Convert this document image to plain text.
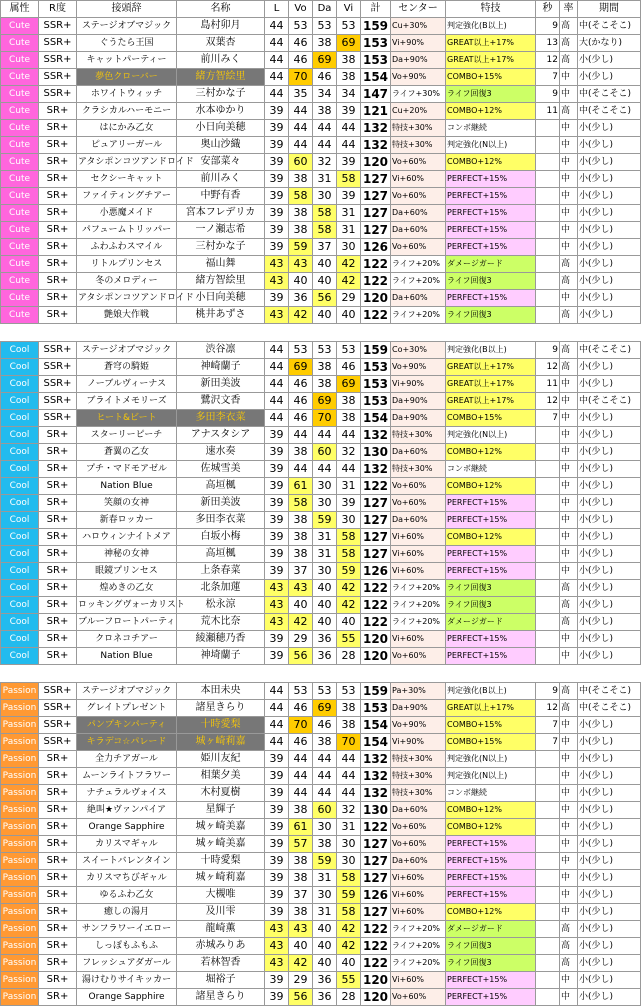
属性	R度	接頭辞	名称	L	Vo	Da	Vi	計	センター	特技	秒	率	期間
Cute	SSR+	ステージオブマジック	島村卯月	44	53	53	53	159	Cu+30%	判定強化(B以上)	9	高	中(そこそこ)
Cute	SSR+	ぐうたら王国	双葉杏	44	46	38	69	153	Vi+90%	GREAT以上+17%	13	高	大(かなり)
Cute	SSR+	キャットパーティー	前川みく	44	46	69	38	153	Da+90%	GREAT以上+17%	12	高	小(少し)
Cute	SSR+	夢色クローバー	緒方智絵里	44	70	46	38	154	Vo+90%	COMBO+15%	7	中	小(少し)
Cute	SSR+	ホワイトウィッチ	三村かな子	44	35	34	34	147	ライフ+30%	ライフ回復3	9	中	中(そこそこ)
Cute	SR+	クラシカルハーモニー	水本ゆかり	39	44	38	39	121	Cu+20%	COMBO+12%	11	高	中(そこそこ)
Cute	SR+	はにかみ乙女	小日向美穂	39	44	44	44	132	特技+30%	コンボ継続		中	小(少し)
Cute	SR+	ピュアリーガール	奥山沙織	39	44	44	44	132	特技+30%	判定強化(N以上)		中	小(少し)
Cute	SR+	アタシポンコツアンドロイド	安部菜々	39	60	32	39	120	Vo+60%	COMBO+12%		中	小(少し)
Cute	SR+	セクシーキャット	前川みく	39	38	31	58	127	Vi+60%	PERFECT+15%		中	小(少し)
Cute	SR+	ファイティングチアー	中野有香	39	58	30	39	127	Vo+60%	PERFECT+15%		中	小(少し)
Cute	SR+	小悪魔メイド	宮本フレデリカ	39	38	58	31	127	Da+60%	PERFECT+15%		中	小(少し)
Cute	SR+	パフュームトリッパー	一ノ瀬志希	39	38	58	31	127	Da+60%	PERFECT+15%		中	小(少し)
Cute	SR+	ふわふわスマイル	三村かな子	39	59	37	30	126	Vo+60%	PERFECT+15%		中	小(少し)
Cute	SR+	リトルプリンセス	福山舞	43	43	40	42	122	ライフ+20%	ダメージガード		高	小(少し)
Cute	SR+	冬のメロディー	緒方智絵里	43	40	40	42	122	ライフ+20%	ライフ回復3		高	小(少し)
Cute	SR+	アタシポンコツアンドロイド	小日向美穂	39	36	56	29	120	Da+60%	PERFECT+15%		中	小(少し)
Cute	SR+	艶娘大作戦	桃井あずさ	43	42	40	40	122	ライフ+20%	ライフ回復3		高	小(少し)

Cool	SSR+	ステージオブマジック	渋谷凛	44	53	53	53	159	Co+30%	判定強化(B以上)	9	高	中(そこそこ)
Cool	SSR+	蒼穹の騎姫	神崎蘭子	44	69	38	46	153	Vo+90%	GREAT以上+17%	12	高	小(少し)
Cool	SSR+	ノーブルヴィーナス	新田美波	44	46	38	69	153	Vi+90%	GREAT以上+17%	11	中	小(少し)
Cool	SSR+	ブライトメモリーズ	鷺沢文香	44	46	69	38	153	Da+90%	GREAT以上+17%	12	中	中(そこそこ)
Cool	SSR+	ヒート&ビート	多田李衣菜	44	46	70	38	154	Da+90%	COMBO+15%	7	中	小(少し)
Cool	SR+	スターリーピーチ	アナスタシア	39	44	44	44	132	特技+30%	判定強化(N以上)		中	小(少し)
Cool	SR+	蒼翼の乙女	速水奏	39	38	60	32	130	Da+60%	COMBO+12%		中	小(少し)
Cool	SR+	プチ・マドモアゼル	佐城雪美	39	44	44	44	132	特技+30%	コンボ継続		中	小(少し)
Cool	SR+	Nation Blue	高垣楓	39	61	30	31	122	Vo+60%	COMBO+12%		中	小(少し)
Cool	SR+	笑顔の女神	新田美波	39	58	30	39	127	Vo+60%	PERFECT+15%		中	小(少し)
Cool	SR+	新春ロッカー	多田李衣菜	39	38	59	30	127	Da+60%	PERFECT+15%		中	小(少し)
Cool	SR+	ハロウィンナイトメア	白坂小梅	39	38	31	58	127	Vi+60%	COMBO+12%		中	小(少し)
Cool	SR+	神秘の女神	高垣楓	39	38	31	58	127	Vi+60%	PERFECT+15%		中	小(少し)
Cool	SR+	眼鏡プリンセス	上条春菜	39	37	30	59	126	Vi+60%	PERFECT+15%		中	小(少し)
Cool	SR+	煌めきの乙女	北条加蓮	43	43	40	42	122	ライフ+20%	ライフ回復3		高	小(少し)
Cool	SR+	ロッキングヴォーカリスト	松永涼	43	40	40	42	122	ライフ+20%	ライフ回復3		高	小(少し)
Cool	SR+	ブルーフロートパーティ	荒木比奈	43	42	40	40	122	ライフ+20%	ダメージガード		高	小(少し)
Cool	SR+	クロネコチアー	綾瀬穂乃香	39	29	36	55	120	Vi+60%	PERFECT+15%		中	小(少し)
Cool	SR+	Nation Blue	神埼蘭子	39	56	36	28	120	Vo+60%	PERFECT+15%		中	小(少し)

Passion	SSR+	ステージオブマジック	本田未央	44	53	53	53	159	Pa+30%	判定強化(B以上)	9	高	中(そこそこ)
Passion	SSR+	グレイトプレゼント	諸星きらり	44	46	69	38	153	Da+90%	GREAT以上+17%	12	高	中(そこそこ)
Passion	SSR+	パンプキンパーティ	十時愛梨	44	70	46	38	154	Vo+90%	COMBO+15%	7	中	小(少し)
Passion	SSR+	キラデコ☆パレード	城ヶ崎莉嘉	44	46	38	70	154	Vi+90%	COMBO+15%	7	中	小(少し)
Passion	SR+	全力チアガール	姫川友紀	39	44	44	44	132	特技+30%	判定強化(N以上)		中	小(少し)
Passion	SR+	ムーンライトフラワー	相葉夕美	39	44	44	44	132	特技+30%	判定強化(N以上)		中	小(少し)
Passion	SR+	ナチュラルヴォイス	木村夏樹	39	44	44	44	132	特技+30%	コンボ継続		中	小(少し)
Passion	SR+	絶叫★ヴァンパイア	星輝子	39	38	60	32	130	Da+60%	COMBO+12%		中	小(少し)
Passion	SR+	Orange Sapphire	城ヶ崎美嘉	39	61	30	31	122	Vo+60%	COMBO+12%		中	小(少し)
Passion	SR+	カリスマギャル	城ヶ崎美嘉	39	57	38	30	127	Vo+60%	PERFECT+15%		中	小(少し)
Passion	SR+	スイートバレンタイン	十時愛梨	39	38	59	30	127	Da+60%	PERFECT+15%		中	小(少し)
Passion	SR+	カリスマちびギャル	城ヶ崎莉嘉	39	38	31	58	127	Vi+60%	PERFECT+15%		中	小(少し)
Passion	SR+	ゆるふわ乙女	大槻唯	39	37	30	59	126	Vi+60%	PERFECT+15%		中	小(少し)
Passion	SR+	癒しの湯月	及川雫	39	38	31	58	127	Vi+60%	COMBO+12%		中	小(少し)
Passion	SR+	サンフラワーイエロー	龍崎薫	43	43	40	42	122	ライフ+20%	ダメージガード		高	小(少し)
Passion	SR+	しっぽもふもふ	赤城みりあ	43	40	40	42	122	ライフ+20%	ライフ回復3		高	小(少し)
Passion	SR+	フレッシュアダガール	若林智香	43	42	40	40	122	ライフ+20%	ライフ回復3		高	小(少し)
Passion	SR+	湯けむりサイキッカー	堀裕子	39	29	36	55	120	Vi+60%	PERFECT+15%		中	小(少し)
Passion	SR+	Orange Sapphire	諸星きらり	39	56	36	28	120	Vo+60%	PERFECT+15%		中	小(少し)
